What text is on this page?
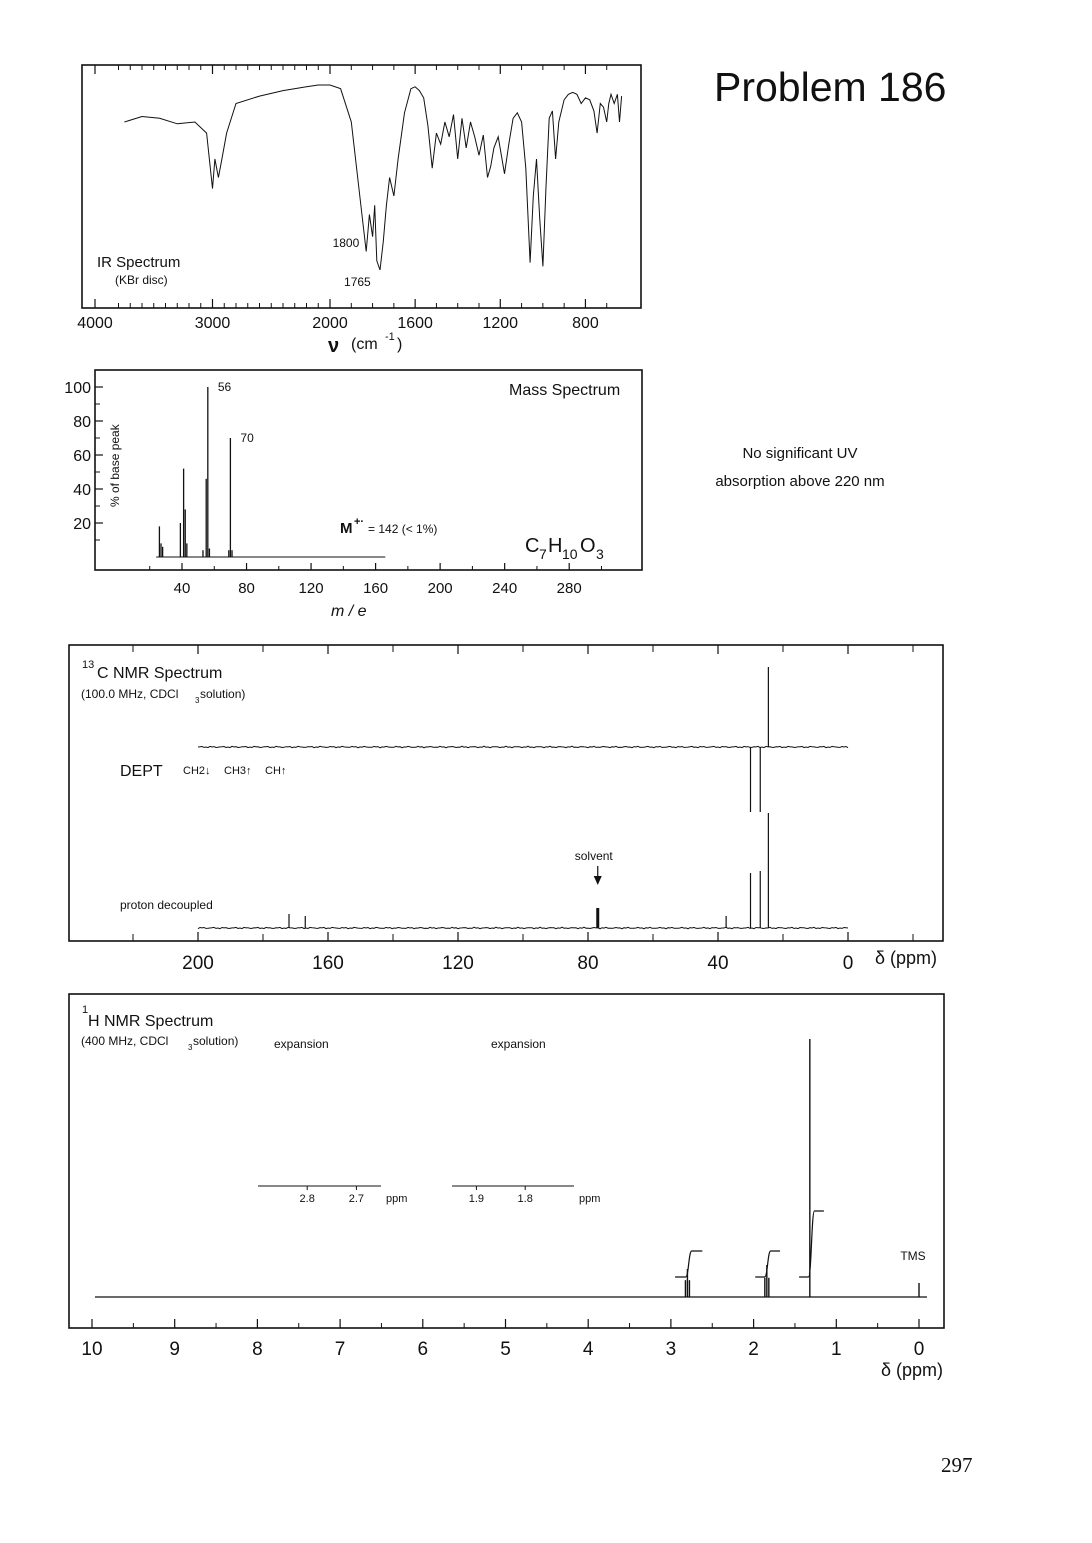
Problem 186
No significant UV
absorption above 220 nm
297
4000	3000	2000	1600	1200	800
IR Spectrum
(KBr disc)
1800
1765
ν (cm -1 )
40	80	120	160	200	240	280
100
80
60
40
20
Mass Spectrum
% of base peak
56
70
M +· = 142 (< 1%)
C 7 H 10 O 3
m / e
200	160	120	80	40	0
13 C NMR Spectrum
(100.0 MHz, CDCl 3 solution)
DEPT CH2↓ CH3↑ CH↑
proton decoupled
solvent
δ (ppm)
10	9	8	7	6	5	4	3	2	1	0
1
H NMR Spectrum
(400 MHz, CDCl 3 solution)
TMS
expansion
2.8	2.7 ppm
expansion
1.9	1.8	ppm
δ (ppm)
